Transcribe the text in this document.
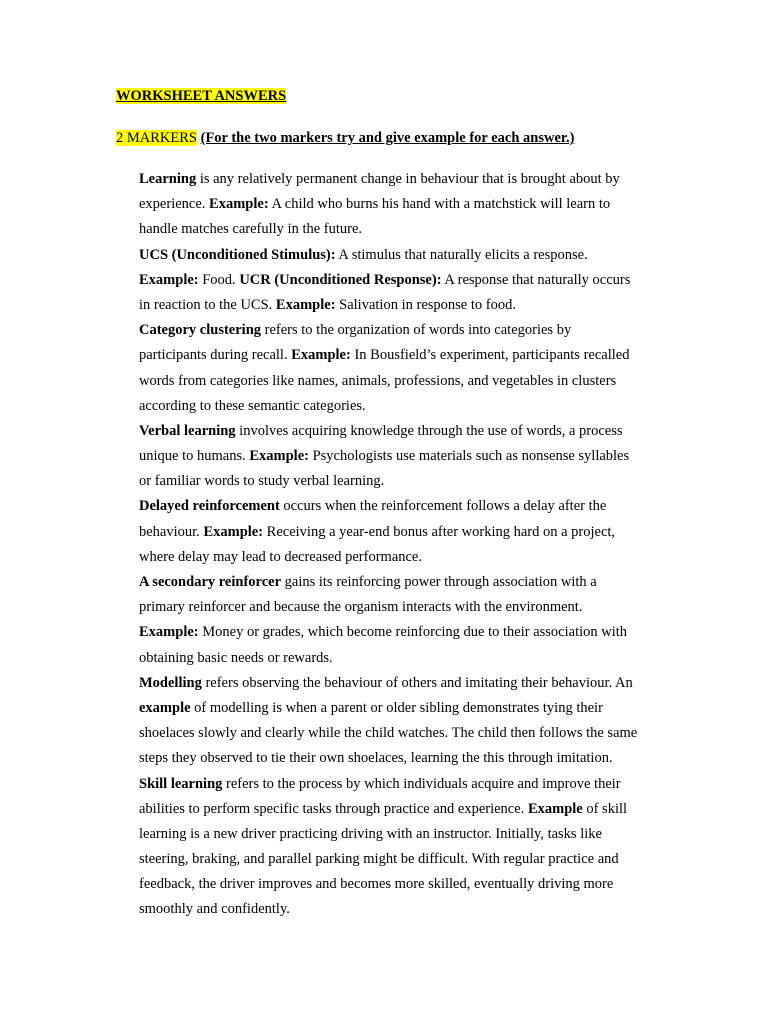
WORKSHEET ANSWERS
2 MARKERS (For the two markers try and give example for each answer.)
Learning is any relatively permanent change in behaviour that is brought about by
experience. Example: A child who burns his hand with a matchstick will learn to
handle matches carefully in the future.
UCS (Unconditioned Stimulus): A stimulus that naturally elicits a response.
Example: Food. UCR (Unconditioned Response): A response that naturally occurs
in reaction to the UCS. Example: Salivation in response to food.
Category clustering refers to the organization of words into categories by
participants during recall. Example: In Bousfield’s experiment, participants recalled
words from categories like names, animals, professions, and vegetables in clusters
according to these semantic categories.
Verbal learning involves acquiring knowledge through the use of words, a process
unique to humans. Example: Psychologists use materials such as nonsense syllables
or familiar words to study verbal learning.
Delayed reinforcement occurs when the reinforcement follows a delay after the
behaviour. Example: Receiving a year-end bonus after working hard on a project,
where delay may lead to decreased performance.
A secondary reinforcer gains its reinforcing power through association with a
primary reinforcer and because the organism interacts with the environment.
Example: Money or grades, which become reinforcing due to their association with
obtaining basic needs or rewards.
Modelling refers observing the behaviour of others and imitating their behaviour. An
example of modelling is when a parent or older sibling demonstrates tying their
shoelaces slowly and clearly while the child watches. The child then follows the same
steps they observed to tie their own shoelaces, learning the this through imitation.
Skill learning refers to the process by which individuals acquire and improve their
abilities to perform specific tasks through practice and experience. Example of skill
learning is a new driver practicing driving with an instructor. Initially, tasks like
steering, braking, and parallel parking might be difficult. With regular practice and
feedback, the driver improves and becomes more skilled, eventually driving more
smoothly and confidently.
